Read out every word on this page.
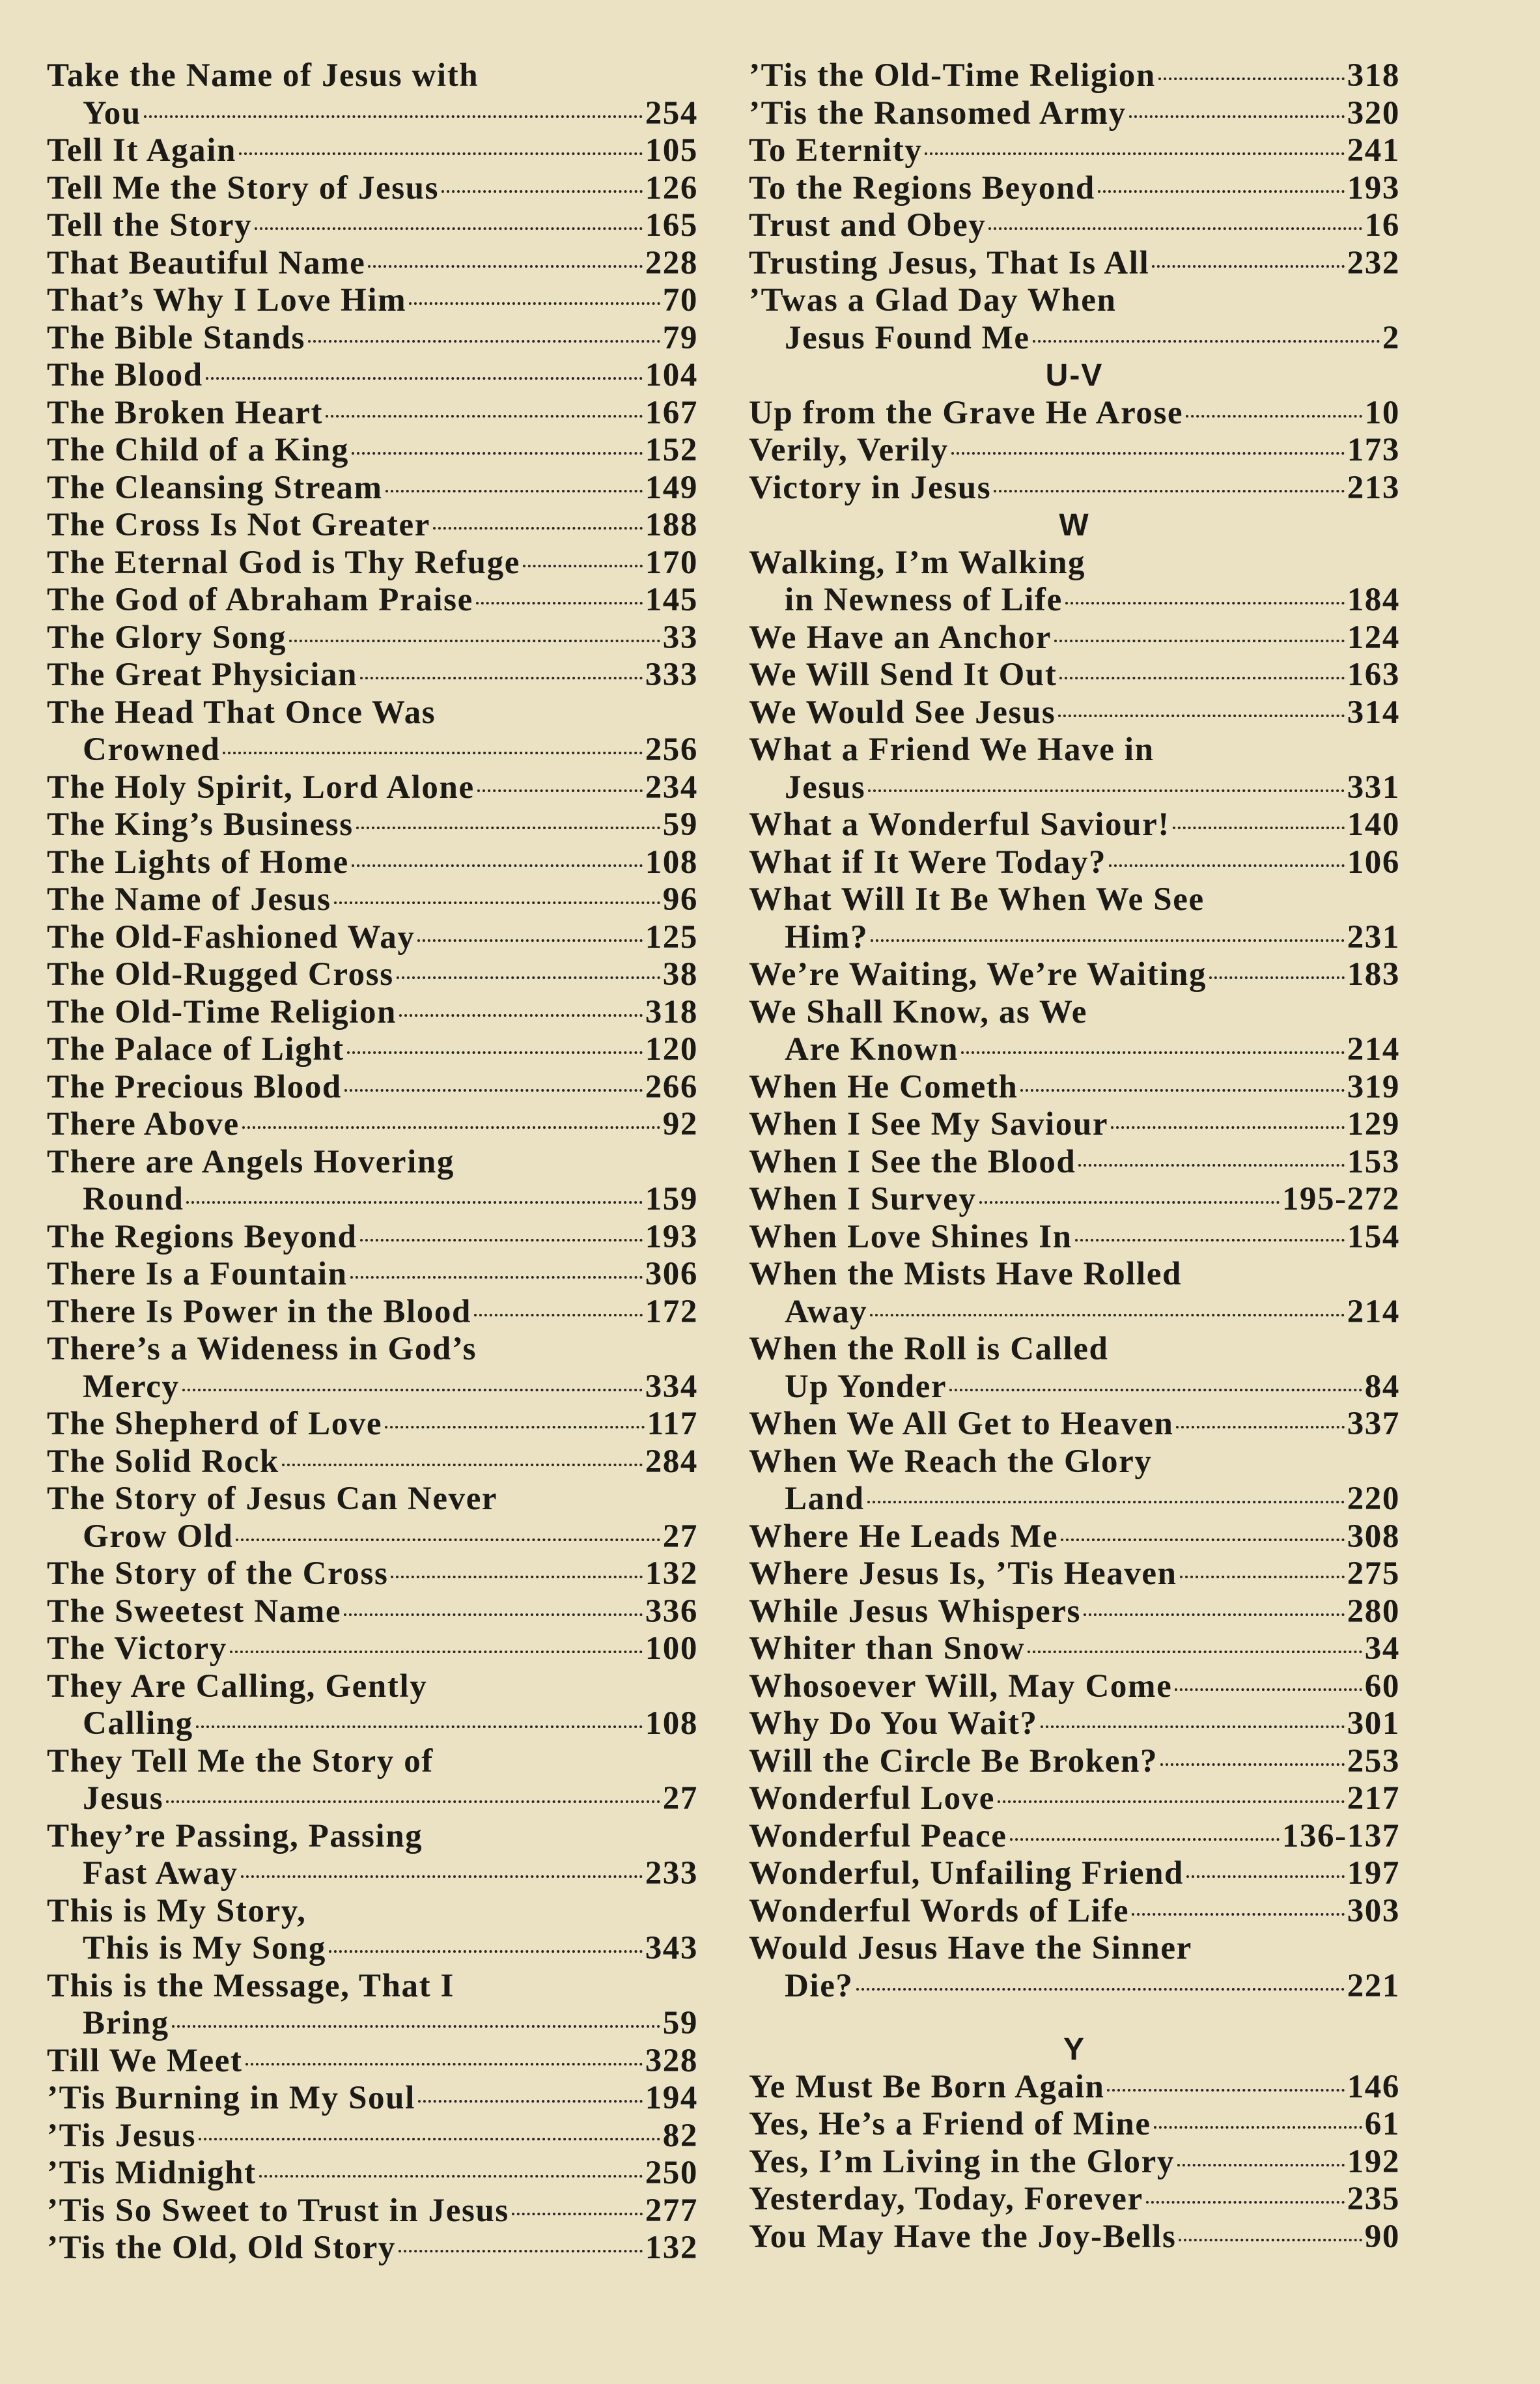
Take the Name of Jesus with
You	254
Tell It Again	105
Tell Me the Story of Jesus	126
Tell the Story	165
That Beautiful Name	228
That’s Why I Love Him	70
The Bible Stands	79
The Blood	104
The Broken Heart	167
The Child of a King	152
The Cleansing Stream	149
The Cross Is Not Greater	188
The Eternal God is Thy Refuge	170
The God of Abraham Praise	145
The Glory Song	33
The Great Physician	333
The Head That Once Was
Crowned	256
The Holy Spirit, Lord Alone	234
The King’s Business	59
The Lights of Home	108
The Name of Jesus	96
The Old-Fashioned Way	125
The Old-Rugged Cross	38
The Old-Time Religion	318
The Palace of Light	120
The Precious Blood	266
There Above	92
There are Angels Hovering
Round	159
The Regions Beyond	193
There Is a Fountain	306
There Is Power in the Blood	172
There’s a Wideness in God’s
Mercy	334
The Shepherd of Love	117
The Solid Rock	284
The Story of Jesus Can Never
Grow Old	27
The Story of the Cross	132
The Sweetest Name	336
The Victory	100
They Are Calling, Gently
Calling	108
They Tell Me the Story of
Jesus	27
They’re Passing, Passing
Fast Away	233
This is My Story,
This is My Song	343
This is the Message, That I
Bring	59
Till We Meet	328
’Tis Burning in My Soul	194
’Tis Jesus	82
’Tis Midnight	250
’Tis So Sweet to Trust in Jesus	277
’Tis the Old, Old Story	132
’Tis the Old-Time Religion	318
’Tis the Ransomed Army	320
To Eternity	241
To the Regions Beyond	193
Trust and Obey	16
Trusting Jesus, That Is All	232
’Twas a Glad Day When
Jesus Found Me	2
U-V
Up from the Grave He Arose	10
Verily, Verily	173
Victory in Jesus	213
W
Walking, I’m Walking
in Newness of Life	184
We Have an Anchor	124
We Will Send It Out	163
We Would See Jesus	314
What a Friend We Have in
Jesus	331
What a Wonderful Saviour!	140
What if It Were Today?	106
What Will It Be When We See
Him?	231
We’re Waiting, We’re Waiting	183
We Shall Know, as We
Are Known	214
When He Cometh	319
When I See My Saviour	129
When I See the Blood	153
When I Survey	195-272
When Love Shines In	154
When the Mists Have Rolled
Away	214
When the Roll is Called
Up Yonder	84
When We All Get to Heaven	337
When We Reach the Glory
Land	220
Where He Leads Me	308
Where Jesus Is, ’Tis Heaven	275
While Jesus Whispers	280
Whiter than Snow	34
Whosoever Will, May Come	60
Why Do You Wait?	301
Will the Circle Be Broken?	253
Wonderful Love	217
Wonderful Peace	136-137
Wonderful, Unfailing Friend	197
Wonderful Words of Life	303
Would Jesus Have the Sinner
Die?	221
Y
Ye Must Be Born Again	146
Yes, He’s a Friend of Mine	61
Yes, I’m Living in the Glory	192
Yesterday, Today, Forever	235
You May Have the Joy-Bells	90
